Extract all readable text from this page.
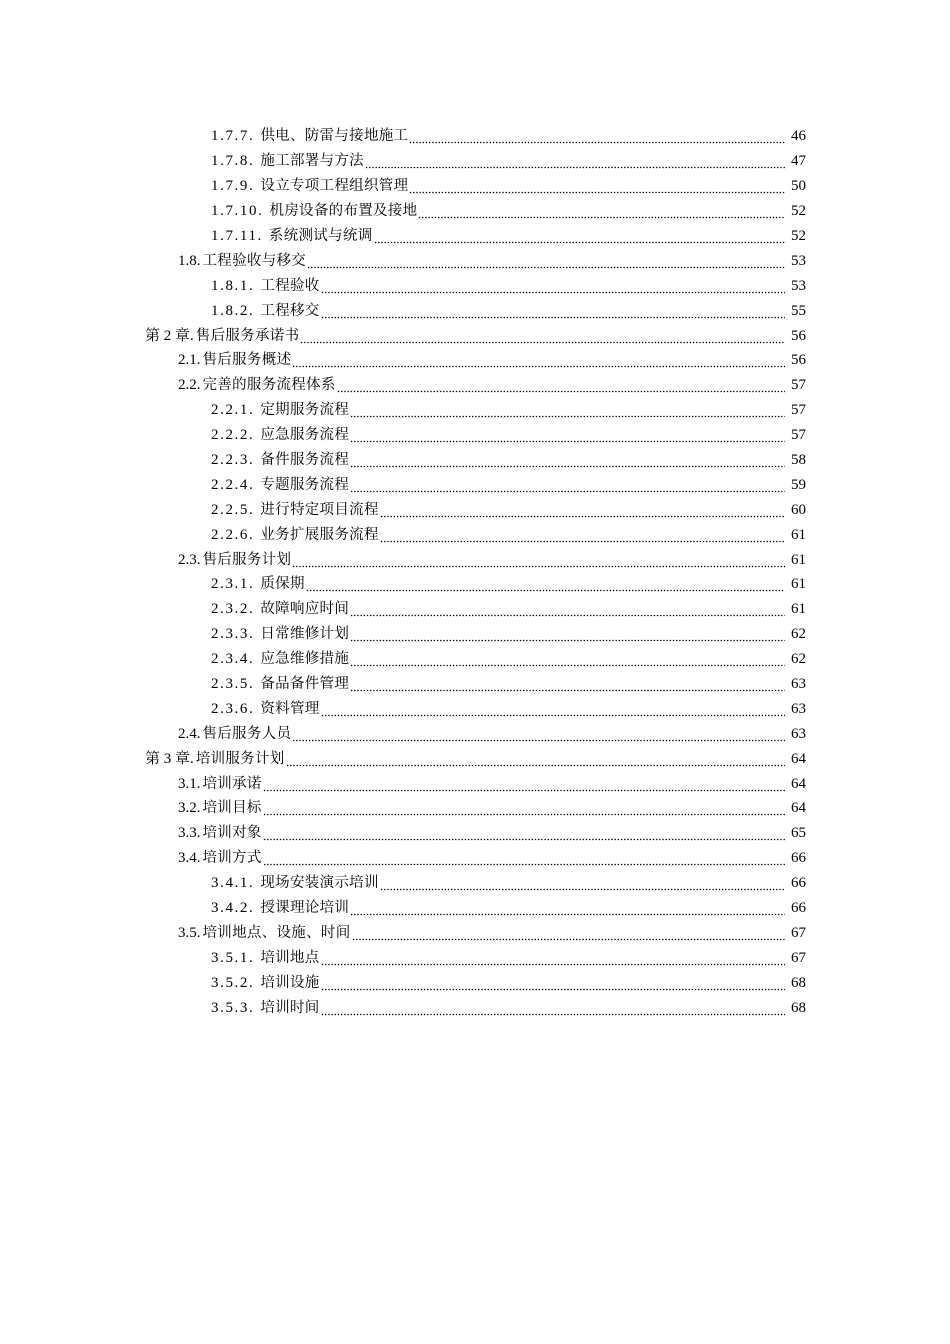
1.7.7. 供电、防雷与接地施工	46
1.7.8. 施工部署与方法	47
1.7.9. 设立专项工程组织管理	50
1.7.10. 机房设备的布置及接地	52
1.7.11. 系统测试与统调	52
1.8. 工程验收与移交	53
1.8.1. 工程验收	53
1.8.2. 工程移交	55
第 2 章. 售后服务承诺书	56
2.1. 售后服务概述	56
2.2. 完善的服务流程体系	57
2.2.1. 定期服务流程	57
2.2.2. 应急服务流程	57
2.2.3. 备件服务流程	58
2.2.4. 专题服务流程	59
2.2.5. 进行特定项目流程	60
2.2.6. 业务扩展服务流程	61
2.3. 售后服务计划	61
2.3.1. 质保期	61
2.3.2. 故障响应时间	61
2.3.3. 日常维修计划	62
2.3.4. 应急维修措施	62
2.3.5. 备品备件管理	63
2.3.6. 资料管理	63
2.4. 售后服务人员	63
第 3 章. 培训服务计划	64
3.1. 培训承诺	64
3.2. 培训目标	64
3.3. 培训对象	65
3.4. 培训方式	66
3.4.1. 现场安装演示培训	66
3.4.2. 授课理论培训	66
3.5. 培训地点、设施、时间	67
3.5.1. 培训地点	67
3.5.2. 培训设施	68
3.5.3. 培训时间	68
